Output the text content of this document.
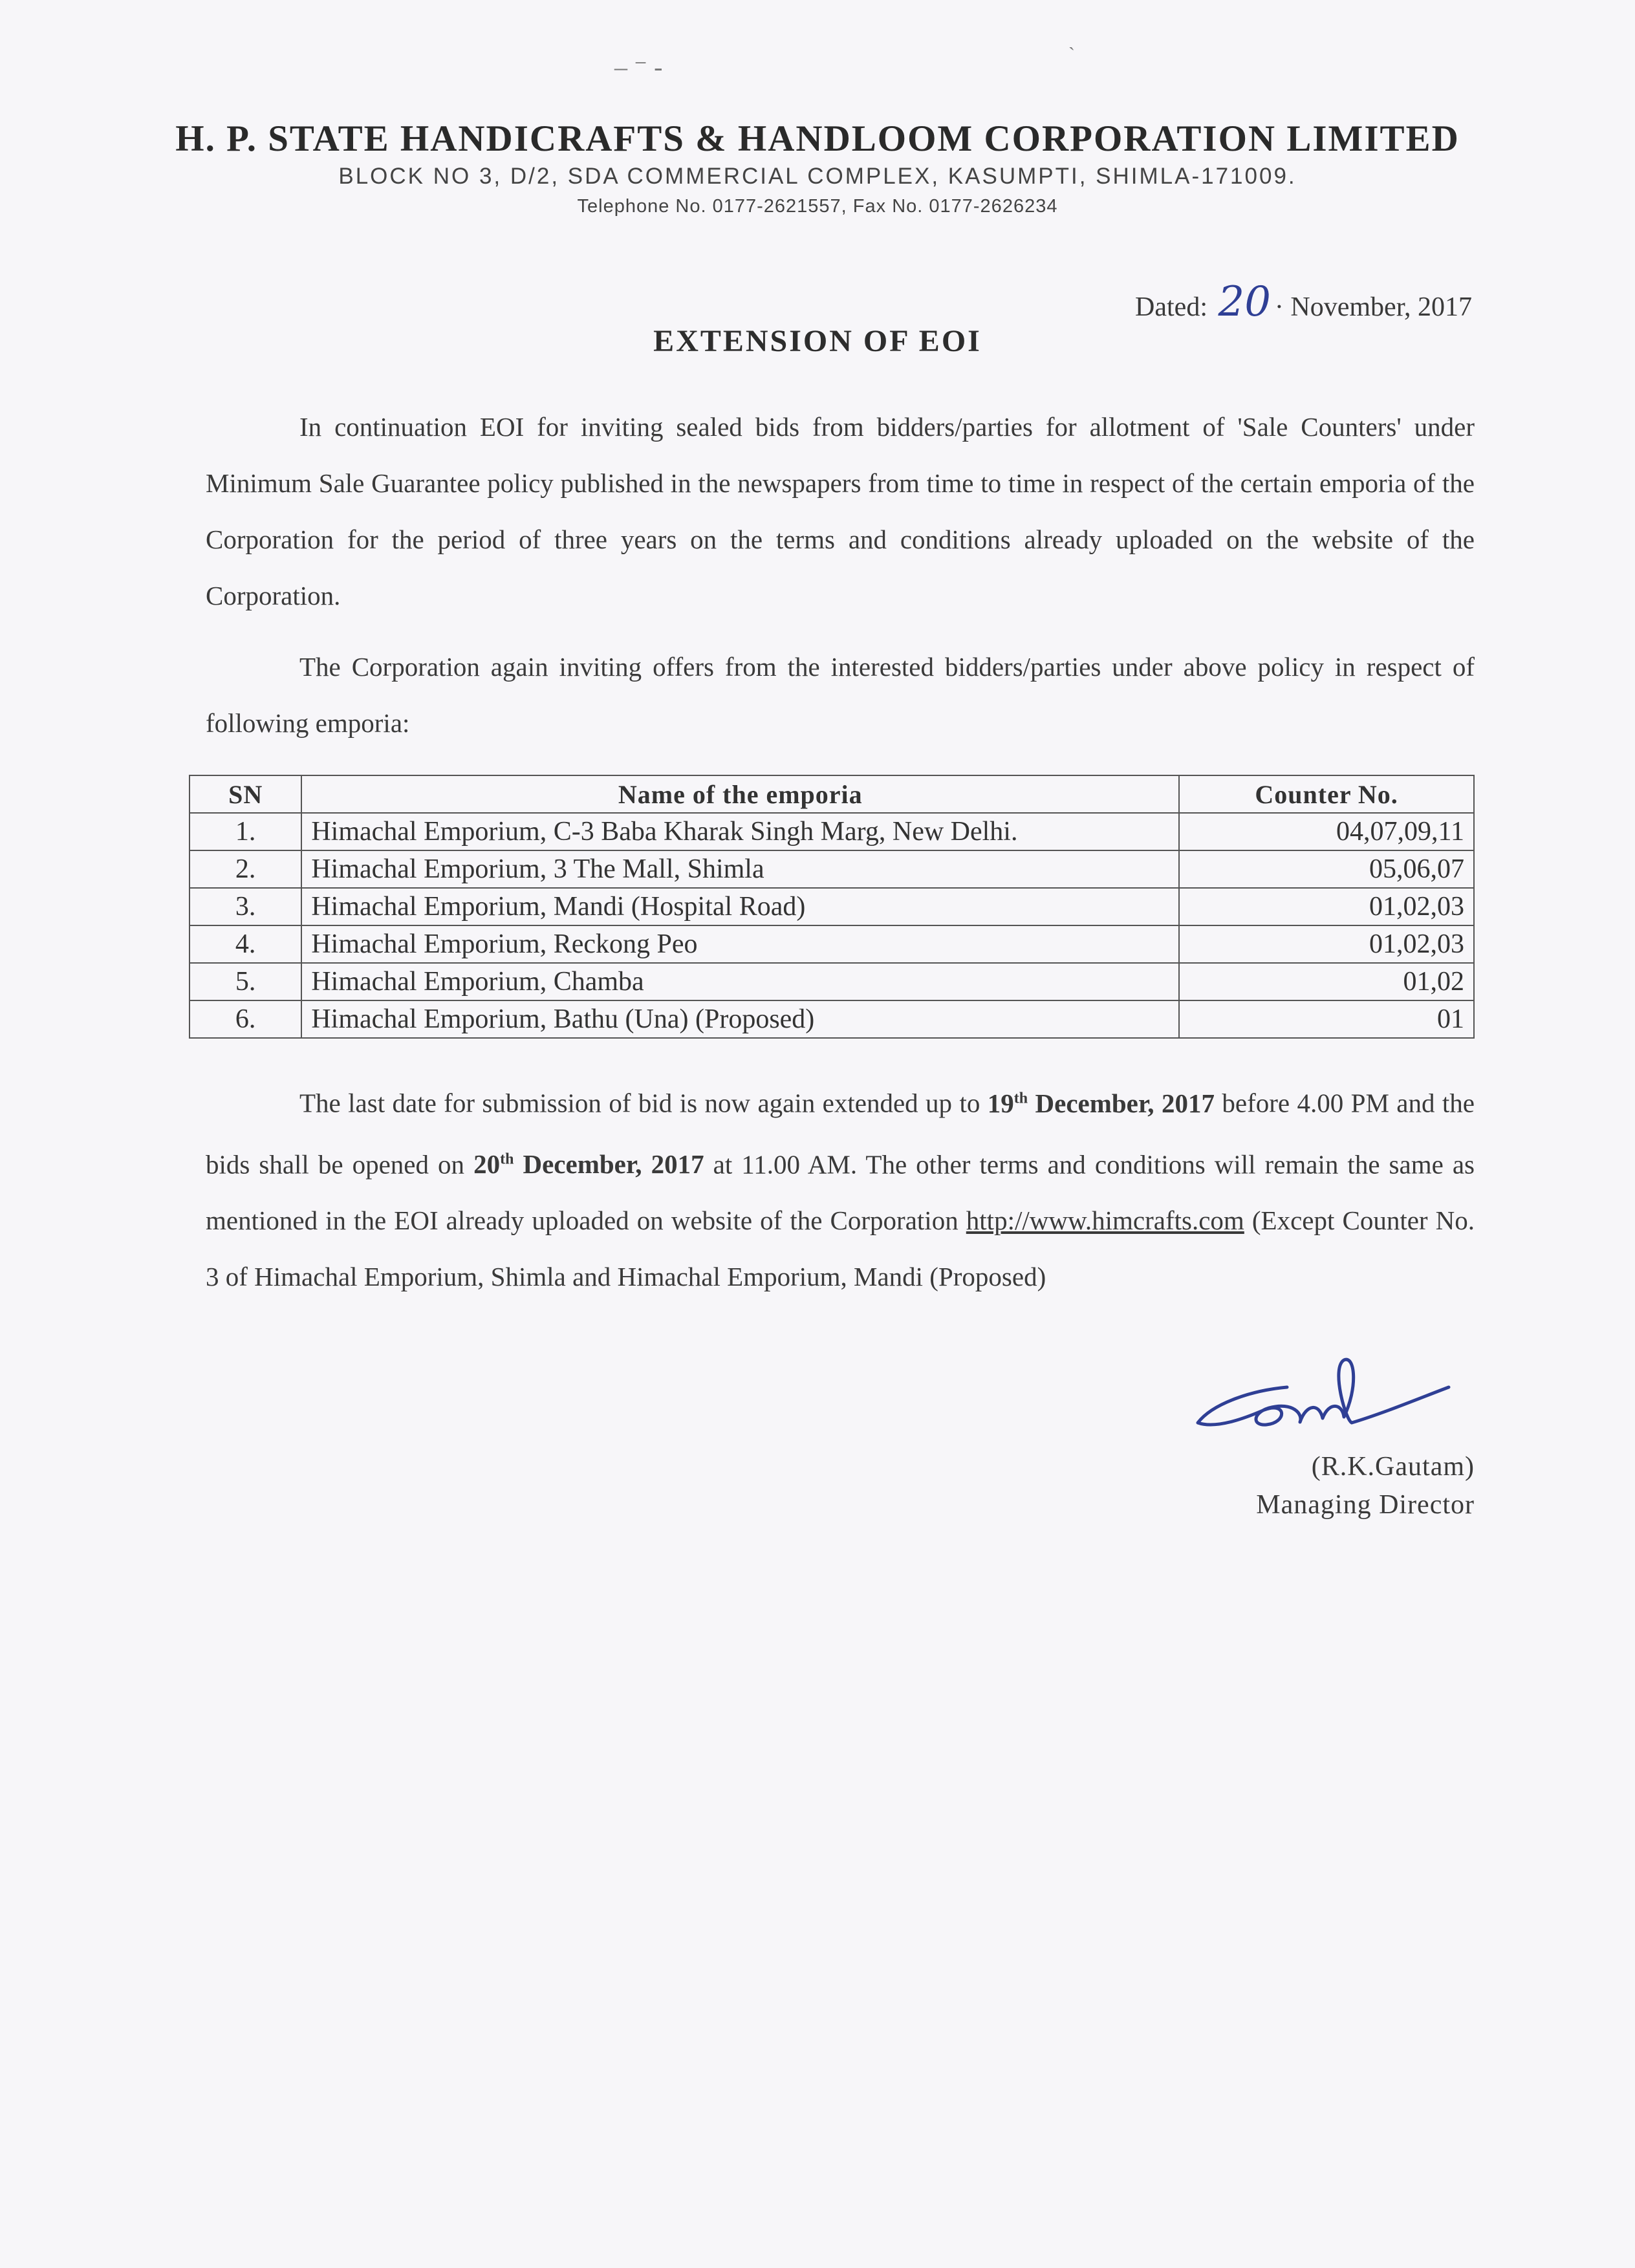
‒ ⁻ ‐
ˏ
H. P. STATE HANDICRAFTS & HANDLOOM CORPORATION LIMITED
BLOCK NO 3, D/2, SDA COMMERCIAL COMPLEX, KASUMPTI, SHIMLA-171009.
Telephone No. 0177-2621557, Fax No. 0177-2626234
Dated: 20 · November, 2017
EXTENSION OF EOI

In continuation EOI for inviting sealed bids from bidders/parties for allotment of 'Sale Counters' under Minimum Sale Guarantee policy published in the newspapers from time to time in respect of the certain emporia of the Corporation for the period of three years on the terms and conditions already uploaded on the website of the Corporation.

The Corporation again inviting offers from the interested bidders/parties under above policy in respect of following emporia:

SN	Name of the emporia	Counter No.
1.	Himachal Emporium, C-3 Baba Kharak Singh Marg, New Delhi.	04,07,09,11
2.	Himachal Emporium, 3 The Mall, Shimla	05,06,07
3.	Himachal Emporium, Mandi (Hospital Road)	01,02,03
4.	Himachal Emporium, Reckong Peo	01,02,03
5.	Himachal Emporium, Chamba	01,02
6.	Himachal Emporium, Bathu (Una) (Proposed)	01

The last date for submission of bid is now again extended up to 19th December, 2017 before 4.00 PM and the bids shall be opened on 20th December, 2017 at 11.00 AM. The other terms and conditions will remain the same as mentioned in the EOI already uploaded on website of the Corporation http://www.himcrafts.com (Except Counter No. 3 of Himachal Emporium, Shimla and Himachal Emporium, Mandi (Proposed)

(R.K.Gautam)
Managing Director
